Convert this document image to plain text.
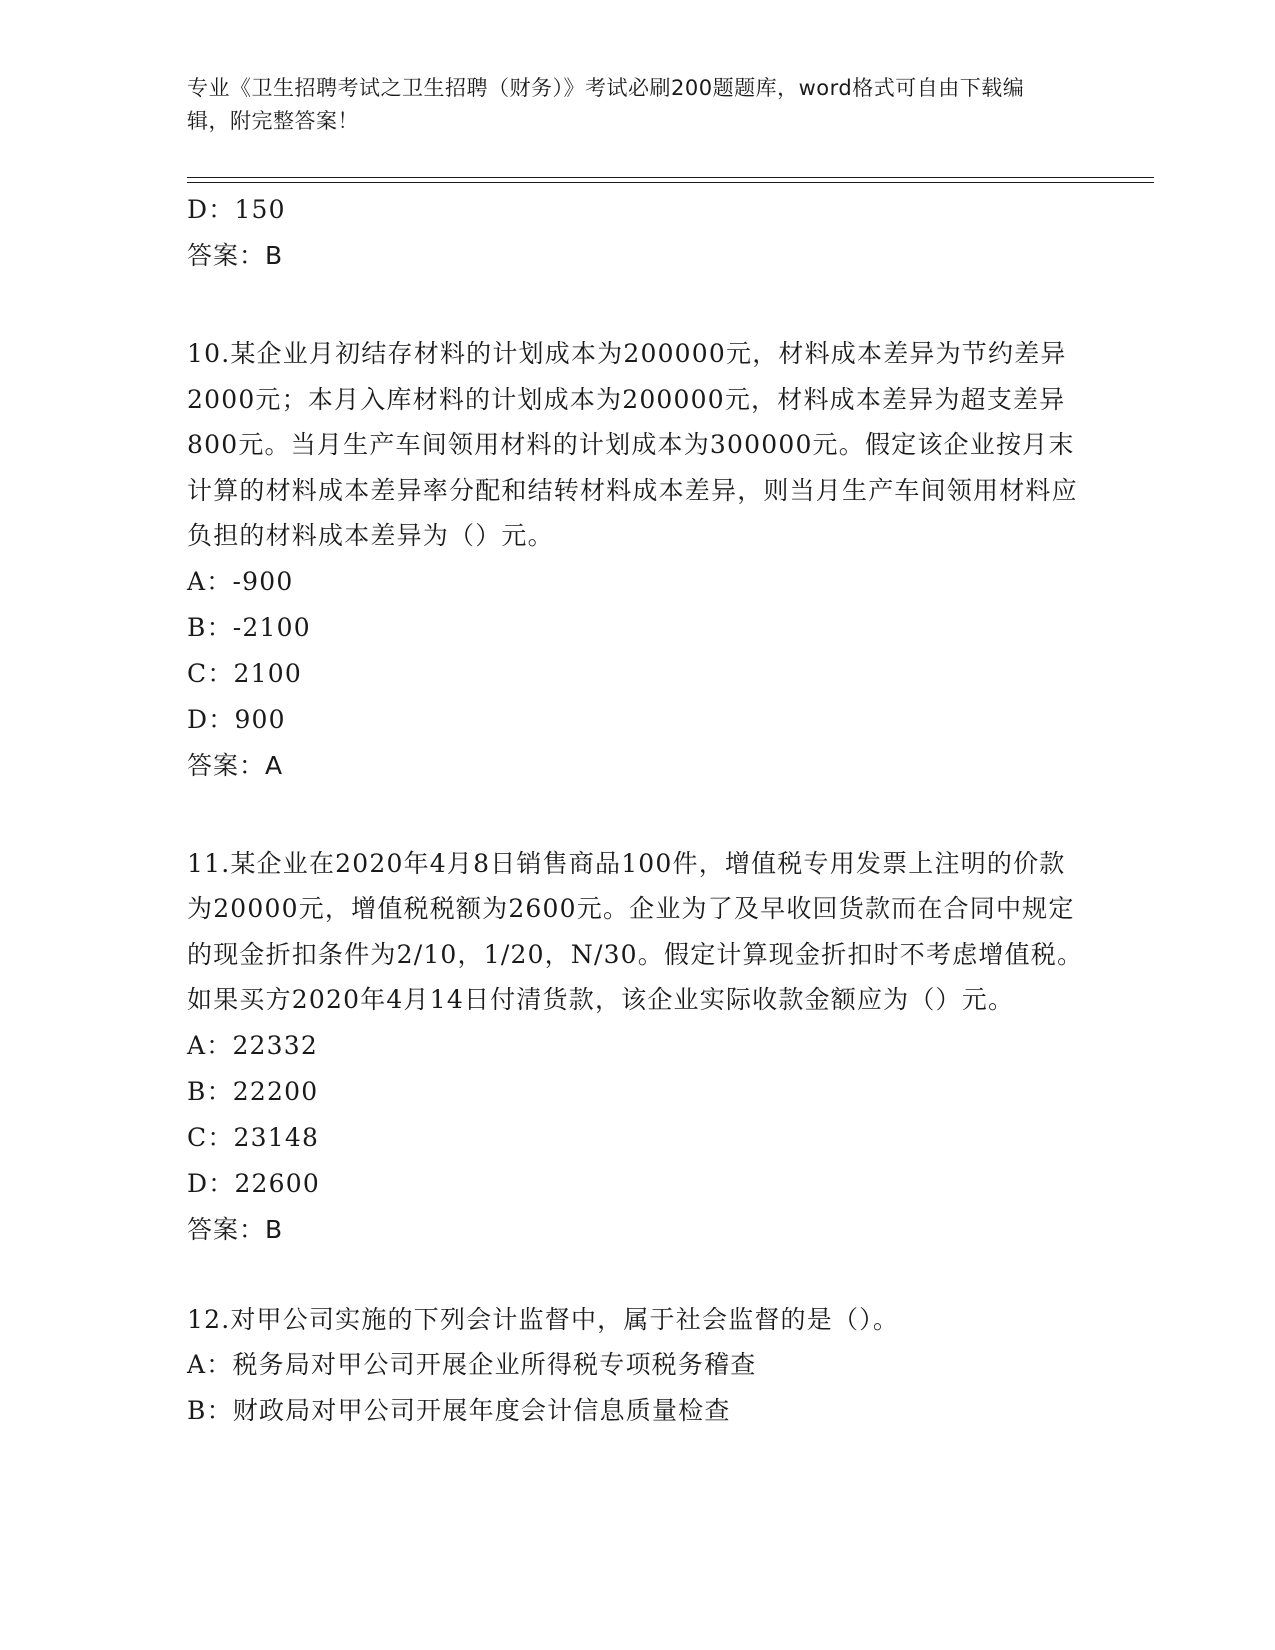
专业《卫生招聘考试之卫生招聘（财务）》考试必刷200题题库，word格式可自由下载编辑，附完整答案！
D：150
答案：B
10.某企业月初结存材料的计划成本为200000元，材料成本差异为节约差异2000元；本月入库材料的计划成本为200000元，材料成本差异为超支差异800元。当月生产车间领用材料的计划成本为300000元。假定该企业按月末计算的材料成本差异率分配和结转材料成本差异，则当月生产车间领用材料应负担的材料成本差异为（）元。
A：-900
B：-2100
C：2100
D：900
答案：A
11.某企业在2020年4月8日销售商品100件，增值税专用发票上注明的价款为20000元，增值税税额为2600元。企业为了及早收回货款而在合同中规定的现金折扣条件为2/10，1/20，N/30。假定计算现金折扣时不考虑增值税。如果买方2020年4月14日付清货款，该企业实际收款金额应为（）元。
A：22332
B：22200
C：23148
D：22600
答案：B
12.对甲公司实施的下列会计监督中，属于社会监督的是（）。
A：税务局对甲公司开展企业所得税专项税务稽查
B：财政局对甲公司开展年度会计信息质量检查
